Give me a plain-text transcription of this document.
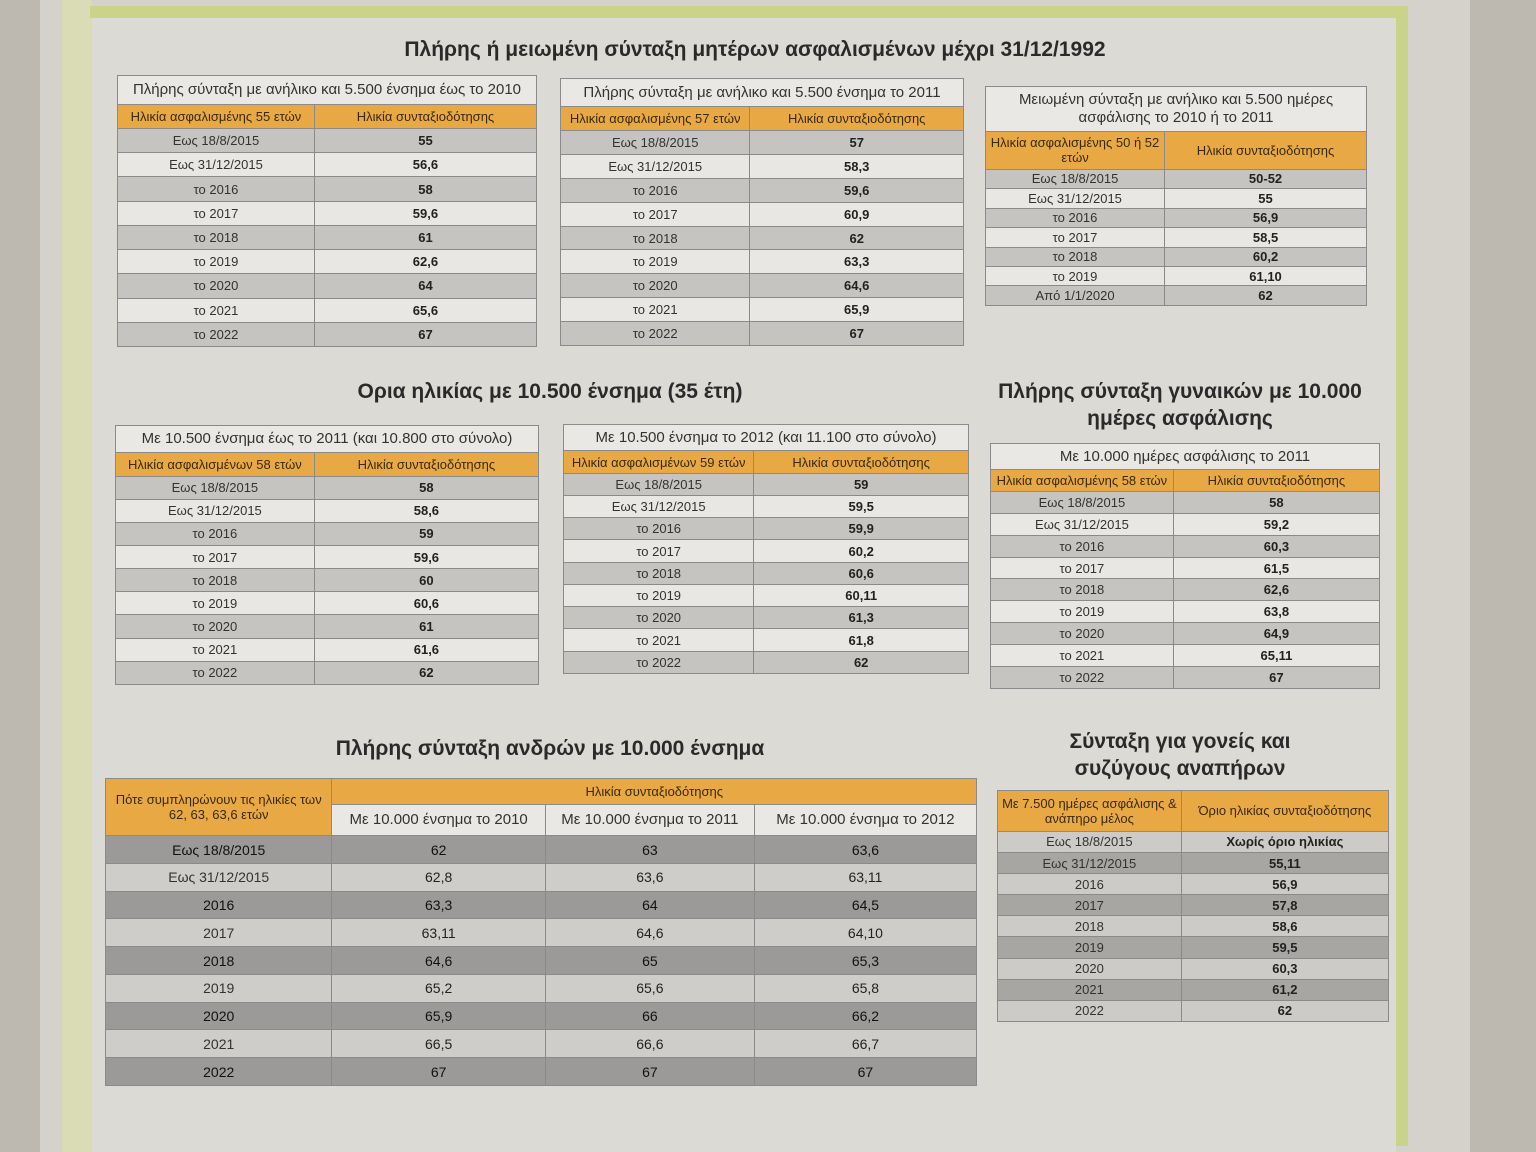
Πλήρης ή μειωμένη σύνταξη μητέρων ασφαλισμένων μέχρι 31/12/1992
Oρια ηλικίας με 10.500 ένσημα (35 έτη)	Πλήρης σύνταξη γυναικών με 10.000 ημέρες ασφάλισης
Πλήρης σύνταξη ανδρών με 10.000 ένσημα	Σύνταξη για γονείς και συζύγους αναπήρων
Πλήρης σύνταξη με ανήλικο και 5.500 ένσημα έως το 2010	
Ηλικία ασφαλισμένης 55 ετών	Ηλικία συνταξιοδότησης
Εως 18/8/2015	55
Εως 31/12/2015	56,6
το 2016	58
το 2017	59,6
το 2018	61
το 2019	62,6
το 2020	64
το 2021	65,6
το 2022	67
Πλήρης σύνταξη με ανήλικο και 5.500 ένσημα το 2011	
Ηλικία ασφαλισμένης 57 ετών	Ηλικία συνταξιοδότησης
Εως 18/8/2015	57
Εως 31/12/2015	58,3
το 2016	59,6
το 2017	60,9
το 2018	62
το 2019	63,3
το 2020	64,6
το 2021	65,9
το 2022	67
Μειωμένη σύνταξη με ανήλικο και 5.500 ημέρες ασφάλισης το 2010 ή το 2011	
Ηλικία ασφαλισμένης 50 ή 52 ετών	Ηλικία συνταξιοδότησης
Εως 18/8/2015	50-52
Εως 31/12/2015	55
το 2016	56,9
το 2017	58,5
το 2018	60,2
το 2019	61,10
Από 1/1/2020	62
Με 10.500 ένσημα έως το 2011 (και 10.800 στο σύνολο)	
Ηλικία ασφαλισμένων 58 ετών	Ηλικία συνταξιοδότησης
Εως 18/8/2015	58
Εως 31/12/2015	58,6
το 2016	59
το 2017	59,6
το 2018	60
το 2019	60,6
το 2020	61
το 2021	61,6
το 2022	62
Με 10.500 ένσημα το 2012 (και 11.100 στο σύνολο)	
Ηλικία ασφαλισμένων 59 ετών	Ηλικία συνταξιοδότησης
Εως 18/8/2015	59
Εως 31/12/2015	59,5
το 2016	59,9
το 2017	60,2
το 2018	60,6
το 2019	60,11
το 2020	61,3
το 2021	61,8
το 2022	62
Με 10.000 ημέρες ασφάλισης το 2011	
Ηλικία ασφαλισμένης 58 ετών	Ηλικία συνταξιοδότησης
Εως 18/8/2015	58
Εως 31/12/2015	59,2
το 2016	60,3
το 2017	61,5
το 2018	62,6
το 2019	63,8
το 2020	64,9
το 2021	65,11
το 2022	67
Πότε συμπληρώνουν τις ηλικίες των 62, 63, 63,6 ετών	Ηλικία συνταξιοδότησης		
	Με 10.000 ένσημα το 2010	Με 10.000 ένσημα το 2011	Με 10.000 ένσημα το 2012
Εως 18/8/2015	62	63	63,6
Εως 31/12/2015	62,8	63,6	63,11
2016	63,3	64	64,5
2017	63,11	64,6	64,10
2018	64,6	65	65,3
2019	65,2	65,6	65,8
2020	65,9	66	66,2
2021	66,5	66,6	66,7
2022	67	67	67
Με 7.500 ημέρες ασφάλισης & ανάπηρο μέλος	Όριο ηλικίας συνταξιοδότησης
Εως 18/8/2015	Χωρίς όριο ηλικίας
Εως 31/12/2015	55,11
2016	56,9
2017	57,8
2018	58,6
2019	59,5
2020	60,3
2021	61,2
2022	62
